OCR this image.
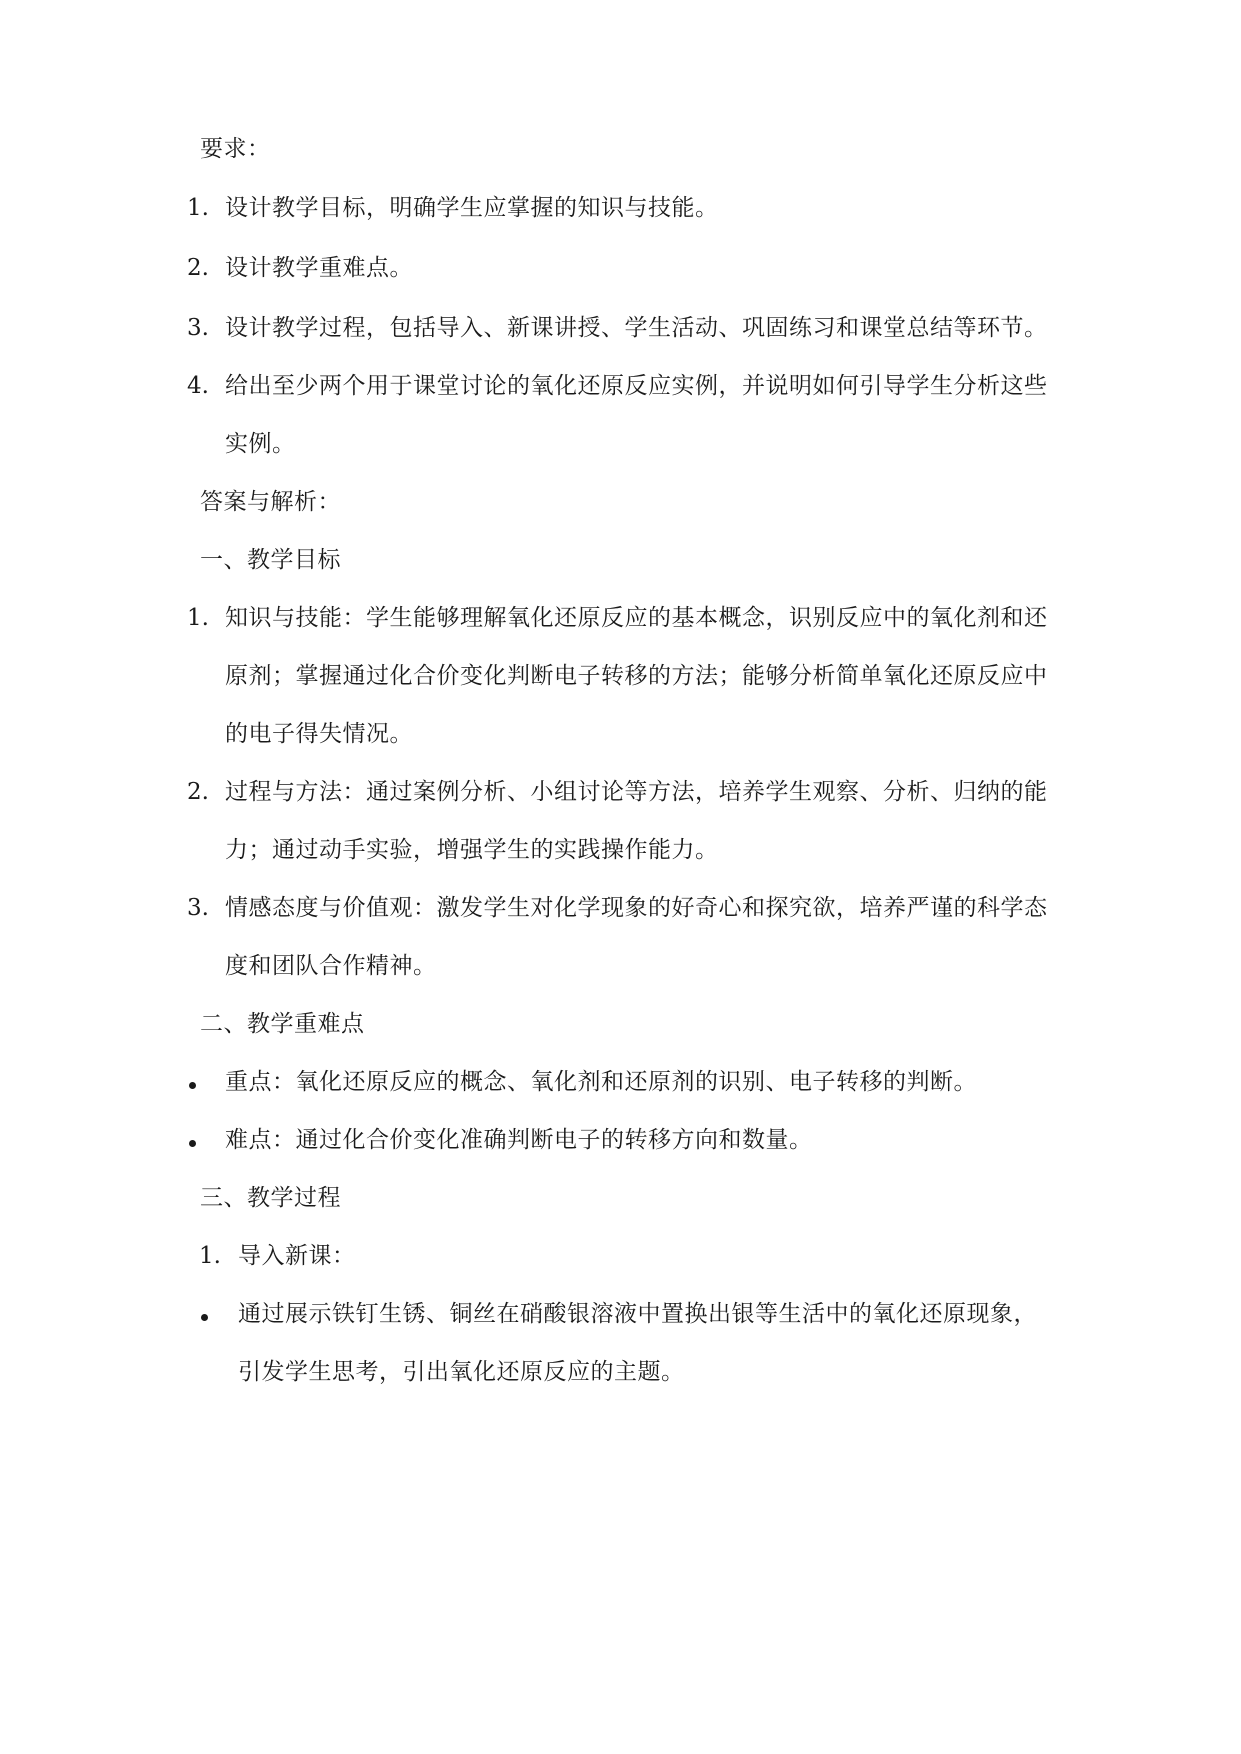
要求：
1. 设计教学目标，明确学生应掌握的知识与技能。
2. 设计教学重难点。
3. 设计教学过程，包括导入、新课讲授、学生活动、巩固练习和课堂总结等环节。
4. 给出至少两个用于课堂讨论的氧化还原反应实例，并说明如何引导学生分析这些
实例。
答案与解析：
一、教学目标
1. 知识与技能：学生能够理解氧化还原反应的基本概念，识别反应中的氧化剂和还
原剂；掌握通过化合价变化判断电子转移的方法；能够分析简单氧化还原反应中
的电子得失情况。
2. 过程与方法：通过案例分析、小组讨论等方法，培养学生观察、分析、归纳的能
力；通过动手实验，增强学生的实践操作能力。
3. 情感态度与价值观：激发学生对化学现象的好奇心和探究欲，培养严谨的科学态
度和团队合作精神。
二、教学重难点
重点：氧化还原反应的概念、氧化剂和还原剂的识别、电子转移的判断。
难点：通过化合价变化准确判断电子的转移方向和数量。
三、教学过程
1. 导入新课：
通过展示铁钉生锈、铜丝在硝酸银溶液中置换出银等生活中的氧化还原现象，
引发学生思考，引出氧化还原反应的主题。
